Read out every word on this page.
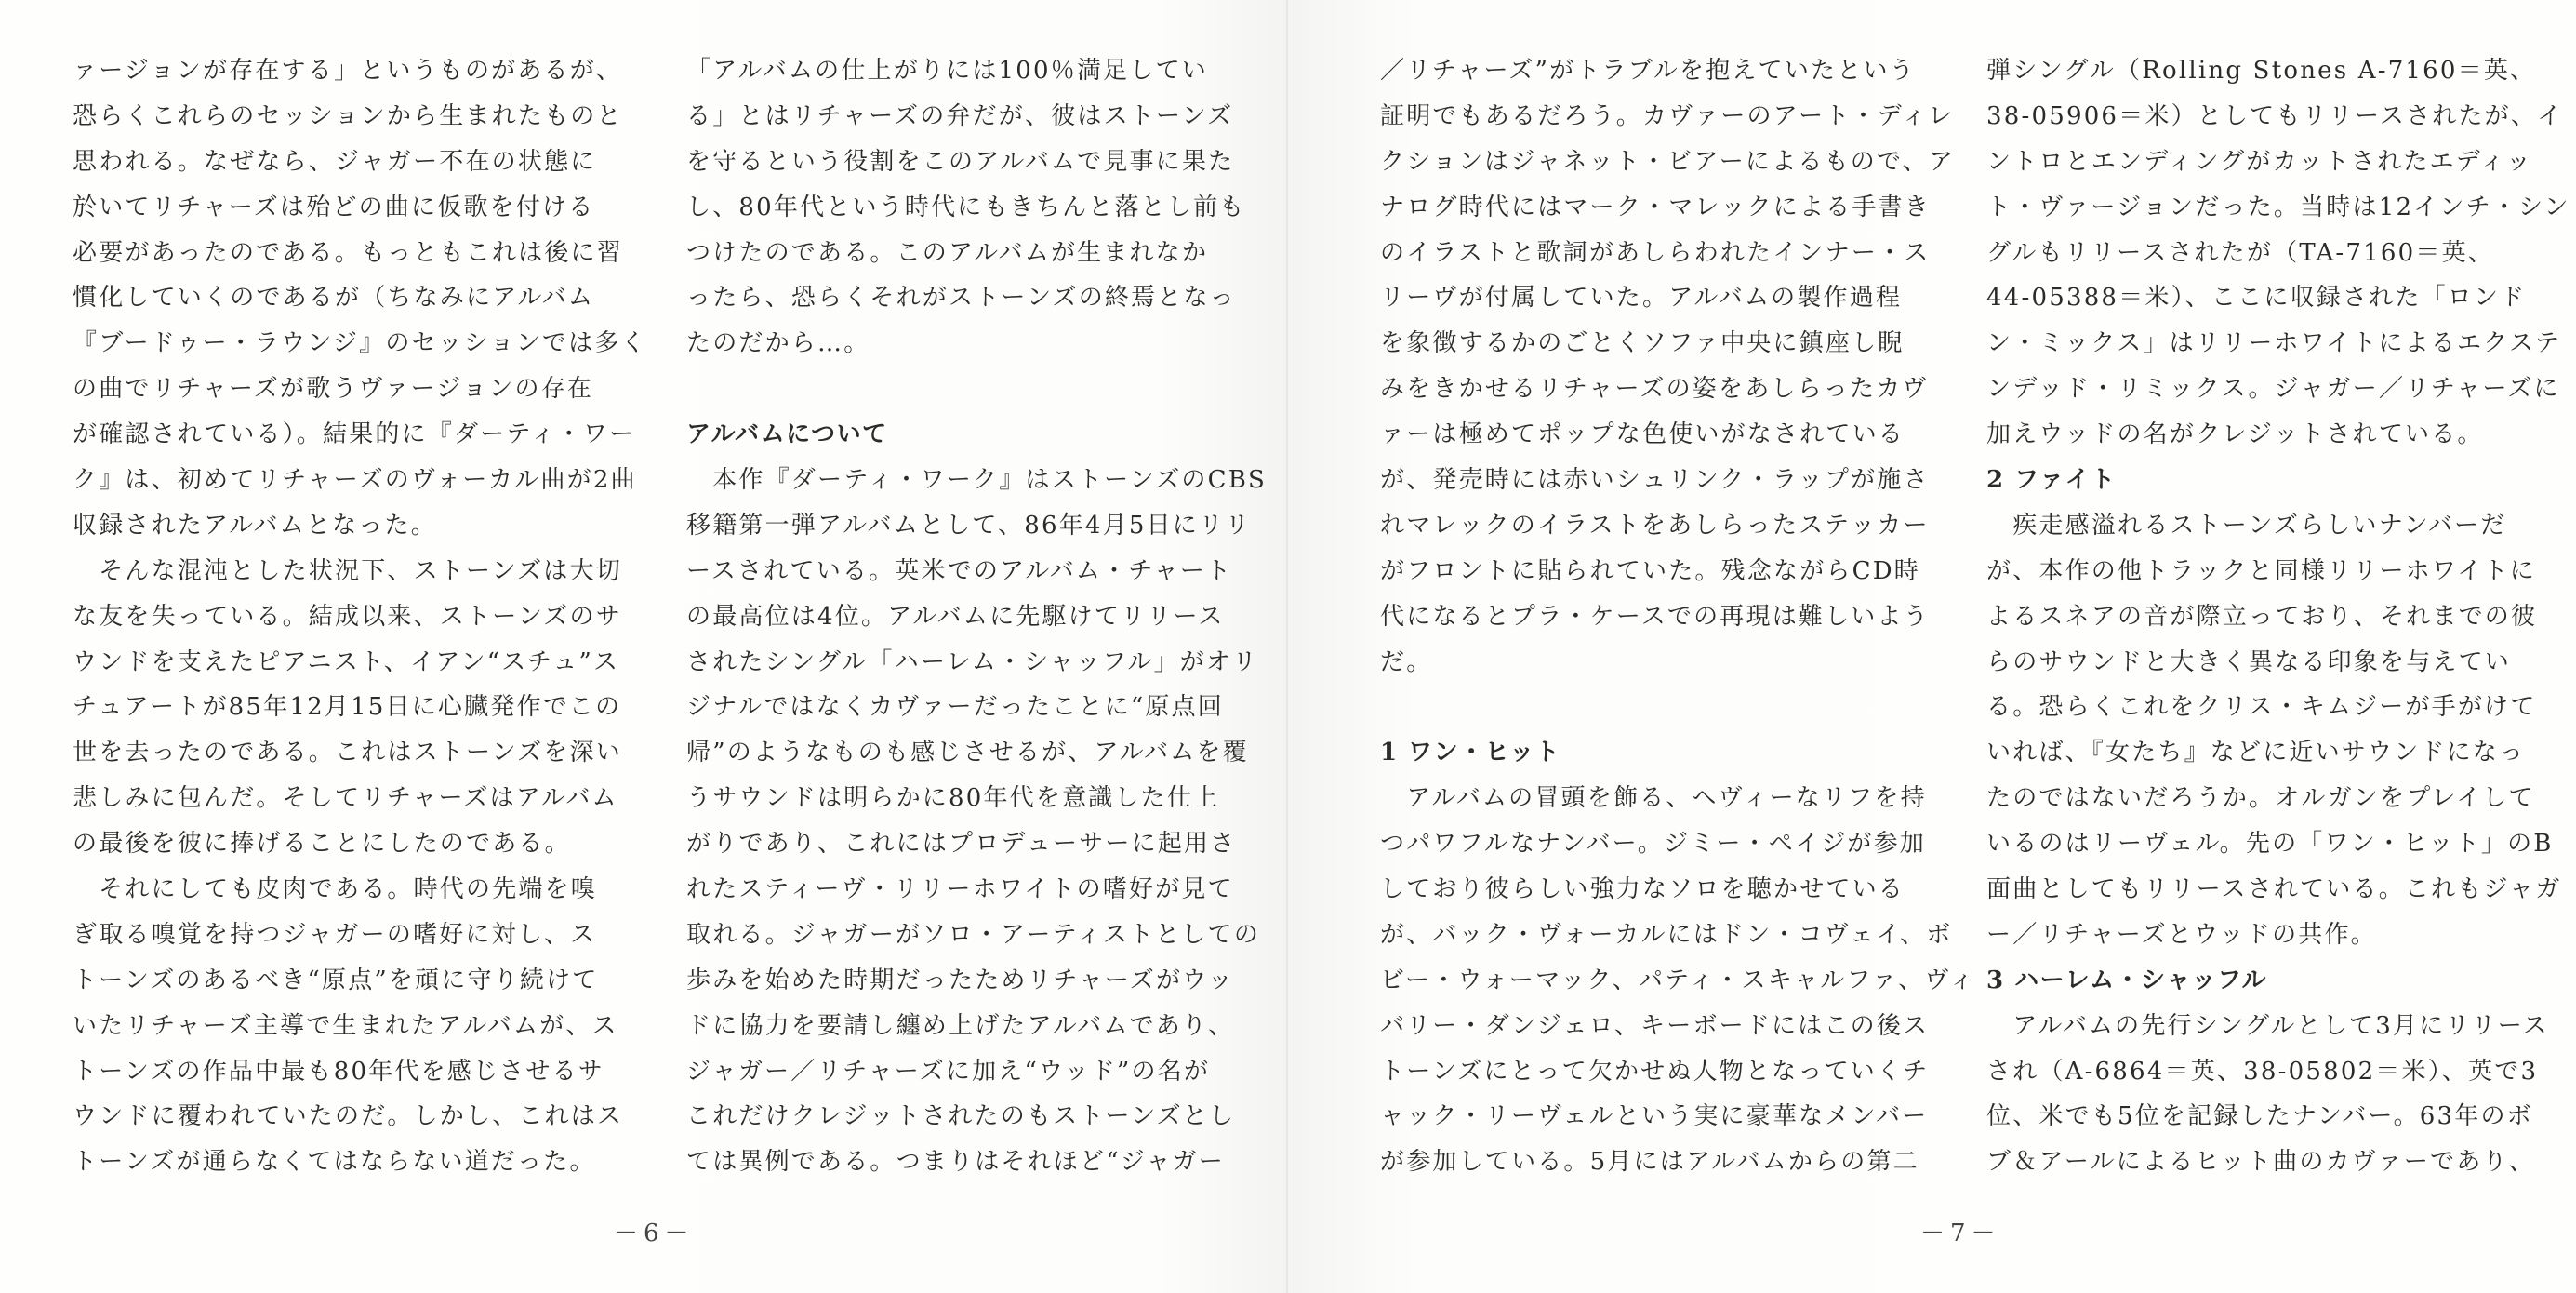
ァージョンが存在する」というものがあるが、
恐らくこれらのセッションから生まれたものと
思われる。なぜなら、ジャガー不在の状態に
於いてリチャーズは殆どの曲に仮歌を付ける
必要があったのである。もっともこれは後に習
慣化していくのであるが（ちなみにアルバム
『ブードゥー・ラウンジ』のセッションでは多く
の曲でリチャーズが歌うヴァージョンの存在
が確認されている）。結果的に『ダーティ・ワー
ク』は、初めてリチャーズのヴォーカル曲が2曲
収録されたアルバムとなった。
　そんな混沌とした状況下、ストーンズは大切
な友を失っている。結成以来、ストーンズのサ
ウンドを支えたピアニスト、イアン“スチュ”ス
チュアートが85年12月15日に心臓発作でこの
世を去ったのである。これはストーンズを深い
悲しみに包んだ。そしてリチャーズはアルバム
の最後を彼に捧げることにしたのである。
　それにしても皮肉である。時代の先端を嗅
ぎ取る嗅覚を持つジャガーの嗜好に対し、ス
トーンズのあるべき“原点”を頑に守り続けて
いたリチャーズ主導で生まれたアルバムが、ス
トーンズの作品中最も80年代を感じさせるサ
ウンドに覆われていたのだ。しかし、これはス
トーンズが通らなくてはならない道だった。
「アルバムの仕上がりには100％満足してい
る」とはリチャーズの弁だが、彼はストーンズ
を守るという役割をこのアルバムで見事に果た
し、80年代という時代にもきちんと落とし前も
つけたのである。このアルバムが生まれなか
ったら、恐らくそれがストーンズの終焉となっ
たのだから…。
アルバムについて
　本作『ダーティ・ワーク』はストーンズのCBS
移籍第一弾アルバムとして、86年4月5日にリリ
ースされている。英米でのアルバム・チャート
の最高位は4位。アルバムに先駆けてリリース
されたシングル「ハーレム・シャッフル」がオリ
ジナルではなくカヴァーだったことに“原点回
帰”のようなものも感じさせるが、アルバムを覆
うサウンドは明らかに80年代を意識した仕上
がりであり、これにはプロデューサーに起用さ
れたスティーヴ・リリーホワイトの嗜好が見て
取れる。ジャガーがソロ・アーティストとしての
歩みを始めた時期だったためリチャーズがウッ
ドに協力を要請し纏め上げたアルバムであり、
ジャガー／リチャーズに加え“ウッド”の名が
これだけクレジットされたのもストーンズとし
ては異例である。つまりはそれほど“ジャガー
－6－	－7－
／リチャーズ”がトラブルを抱えていたという
証明でもあるだろう。カヴァーのアート・ディレ
クションはジャネット・ビアーによるもので、ア
ナログ時代にはマーク・マレックによる手書き
のイラストと歌詞があしらわれたインナー・ス
リーヴが付属していた。アルバムの製作過程
を象徴するかのごとくソファ中央に鎮座し睨
みをきかせるリチャーズの姿をあしらったカヴ
ァーは極めてポップな色使いがなされている
が、発売時には赤いシュリンク・ラップが施さ
れマレックのイラストをあしらったステッカー
がフロントに貼られていた。残念ながらCD時
代になるとプラ・ケースでの再現は難しいよう
だ。
1 ワン・ヒット
　アルバムの冒頭を飾る、ヘヴィーなリフを持
つパワフルなナンバー。ジミー・ペイジが参加
しており彼らしい強力なソロを聴かせている
が、バック・ヴォーカルにはドン・コヴェイ、ボ
ビー・ウォーマック、パティ・スキャルファ、ヴィ
バリー・ダンジェロ、キーボードにはこの後ス
トーンズにとって欠かせぬ人物となっていくチ
ャック・リーヴェルという実に豪華なメンバー
が参加している。5月にはアルバムからの第二
弾シングル（Rolling Stones A-7160＝英、
38-05906＝米）としてもリリースされたが、イ
ントロとエンディングがカットされたエディッ
ト・ヴァージョンだった。当時は12インチ・シン
グルもリリースされたが（TA-7160＝英、
44-05388＝米）、ここに収録された「ロンド
ン・ミックス」はリリーホワイトによるエクステ
ンデッド・リミックス。ジャガー／リチャーズに
加えウッドの名がクレジットされている。
2 ファイト
　疾走感溢れるストーンズらしいナンバーだ
が、本作の他トラックと同様リリーホワイトに
よるスネアの音が際立っており、それまでの彼
らのサウンドと大きく異なる印象を与えてい
る。恐らくこれをクリス・キムジーが手がけて
いれば、『女たち』などに近いサウンドになっ
たのではないだろうか。オルガンをプレイして
いるのはリーヴェル。先の「ワン・ヒット」のB
面曲としてもリリースされている。これもジャガ
ー／リチャーズとウッドの共作。
3 ハーレム・シャッフル
　アルバムの先行シングルとして3月にリリース
され（A-6864＝英、38-05802＝米）、英で3
位、米でも5位を記録したナンバー。63年のボ
ブ＆アールによるヒット曲のカヴァーであり、
